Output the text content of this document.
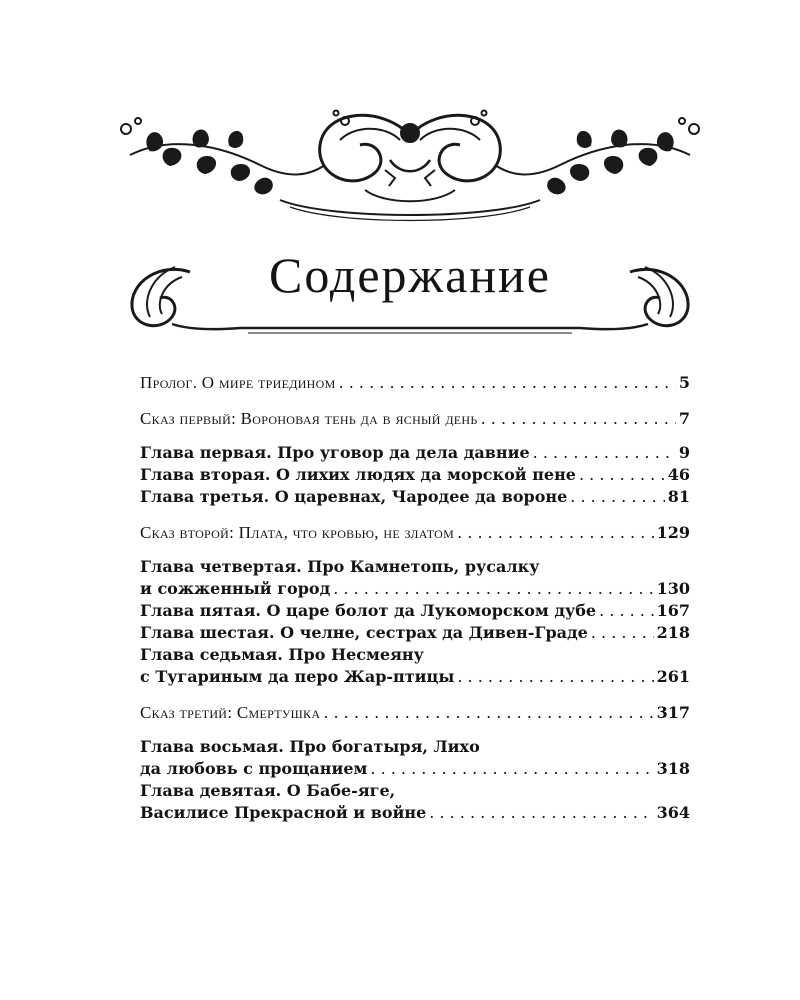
Содержание
Пролог. О мире триедином . . .	5
Сказ первый: Вороновая тень да в ясный день . . .	7
Глава первая. Про уговор да дела давние . . .	9
Глава вторая. О лихих людях да морской пене . . .	46
Глава третья. О царевнах, Чародее да вороне . . .	81
Сказ второй: Плата, что кровью, не златом . . .	129
Глава четвертая. Про Камнетопь, русалку
и сожженный город . . .	130
Глава пятая. О царе болот да Лукоморском дубе . . .	167
Глава шестая. О челне, сестрах да Дивен-Граде . . .	218
Глава седьмая. Про Несмеяну
с Тугариным да перо Жар-птицы . . .	261
Сказ третий: Смертушка . . .	317
Глава восьмая. Про богатыря, Лихо
да любовь с прощанием . . .	318
Глава девятая. О Бабе-яге,
Василисе Прекрасной и войне . . .	364
